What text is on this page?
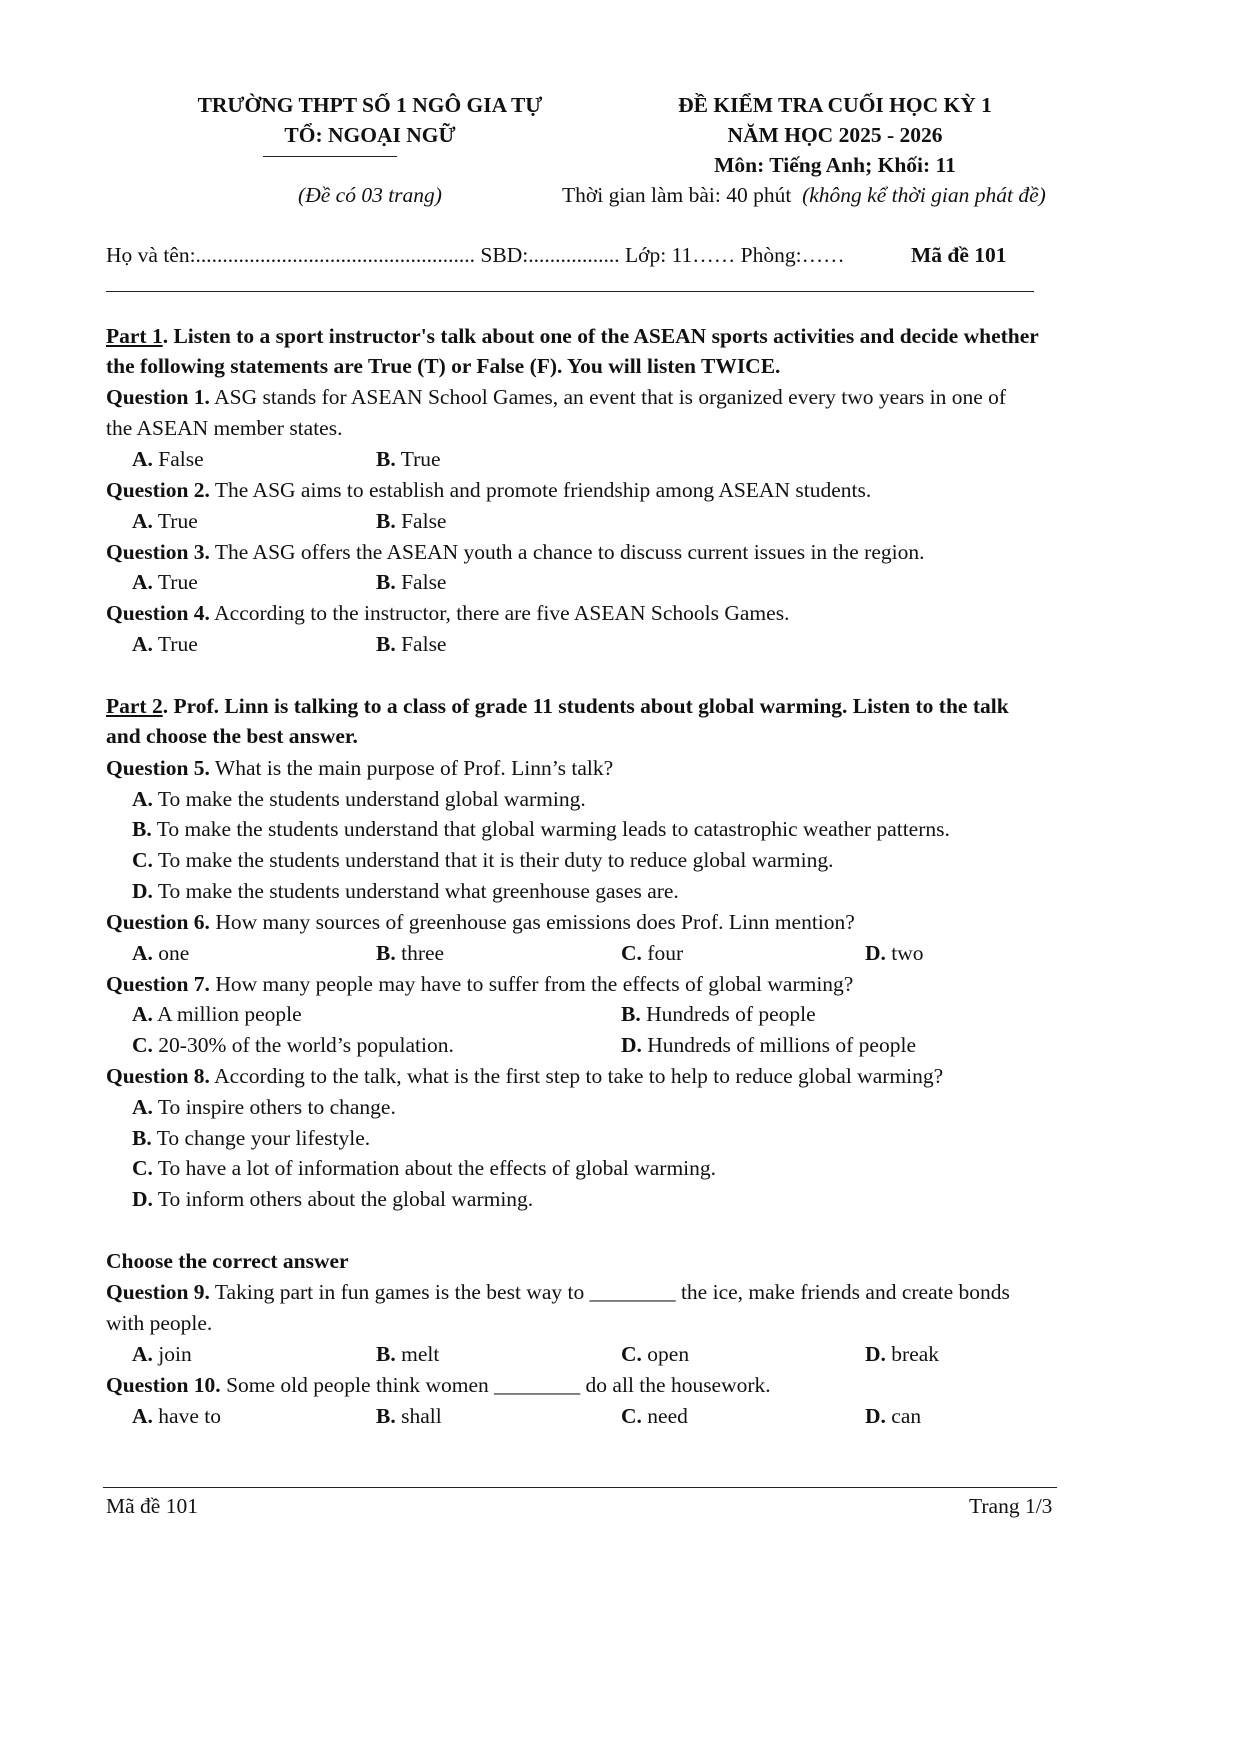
TRƯỜNG THPT SỐ 1 NGÔ GIA TỰ
TỔ: NGOẠI NGỮ
(Đề có 03 trang)
ĐỀ KIỂM TRA CUỐI HỌC KỲ 1
NĂM HỌC 2025 - 2026
Môn: Tiếng Anh; Khối: 11
Thời gian làm bài: 40 phút (không kể thời gian phát đề)
Họ và tên:.................................................... SBD:................. Lớp: 11…… Phòng:……	Mã đề 101
Part 1. Listen to a sport instructor's talk about one of the ASEAN sports activities and decide whether
the following statements are True (T) or False (F). You will listen TWICE.
Question 1. ASG stands for ASEAN School Games, an event that is organized every two years in one of
the ASEAN member states.
A. False	B. True
Question 2. The ASG aims to establish and promote friendship among ASEAN students.
A. True	B. False
Question 3. The ASG offers the ASEAN youth a chance to discuss current issues in the region.
A. True	B. False
Question 4. According to the instructor, there are five ASEAN Schools Games.
A. True	B. False
Part 2. Prof. Linn is talking to a class of grade 11 students about global warming. Listen to the talk
and choose the best answer.
Question 5. What is the main purpose of Prof. Linn’s talk?
A. To make the students understand global warming.
B. To make the students understand that global warming leads to catastrophic weather patterns.
C. To make the students understand that it is their duty to reduce global warming.
D. To make the students understand what greenhouse gases are.
Question 6. How many sources of greenhouse gas emissions does Prof. Linn mention?
A. one	B. three	C. four	D. two
Question 7. How many people may have to suffer from the effects of global warming?
A. A million people	B. Hundreds of people
C. 20-30% of the world’s population.	D. Hundreds of millions of people
Question 8. According to the talk, what is the first step to take to help to reduce global warming?
A. To inspire others to change.
B. To change your lifestyle.
C. To have a lot of information about the effects of global warming.
D. To inform others about the global warming.
Choose the correct answer
Question 9. Taking part in fun games is the best way to ________ the ice, make friends and create bonds
with people.
A. join	B. melt	C. open	D. break
Question 10. Some old people think women ________ do all the housework.
A. have to	B. shall	C. need	D. can
Mã đề 101	Trang 1/3
